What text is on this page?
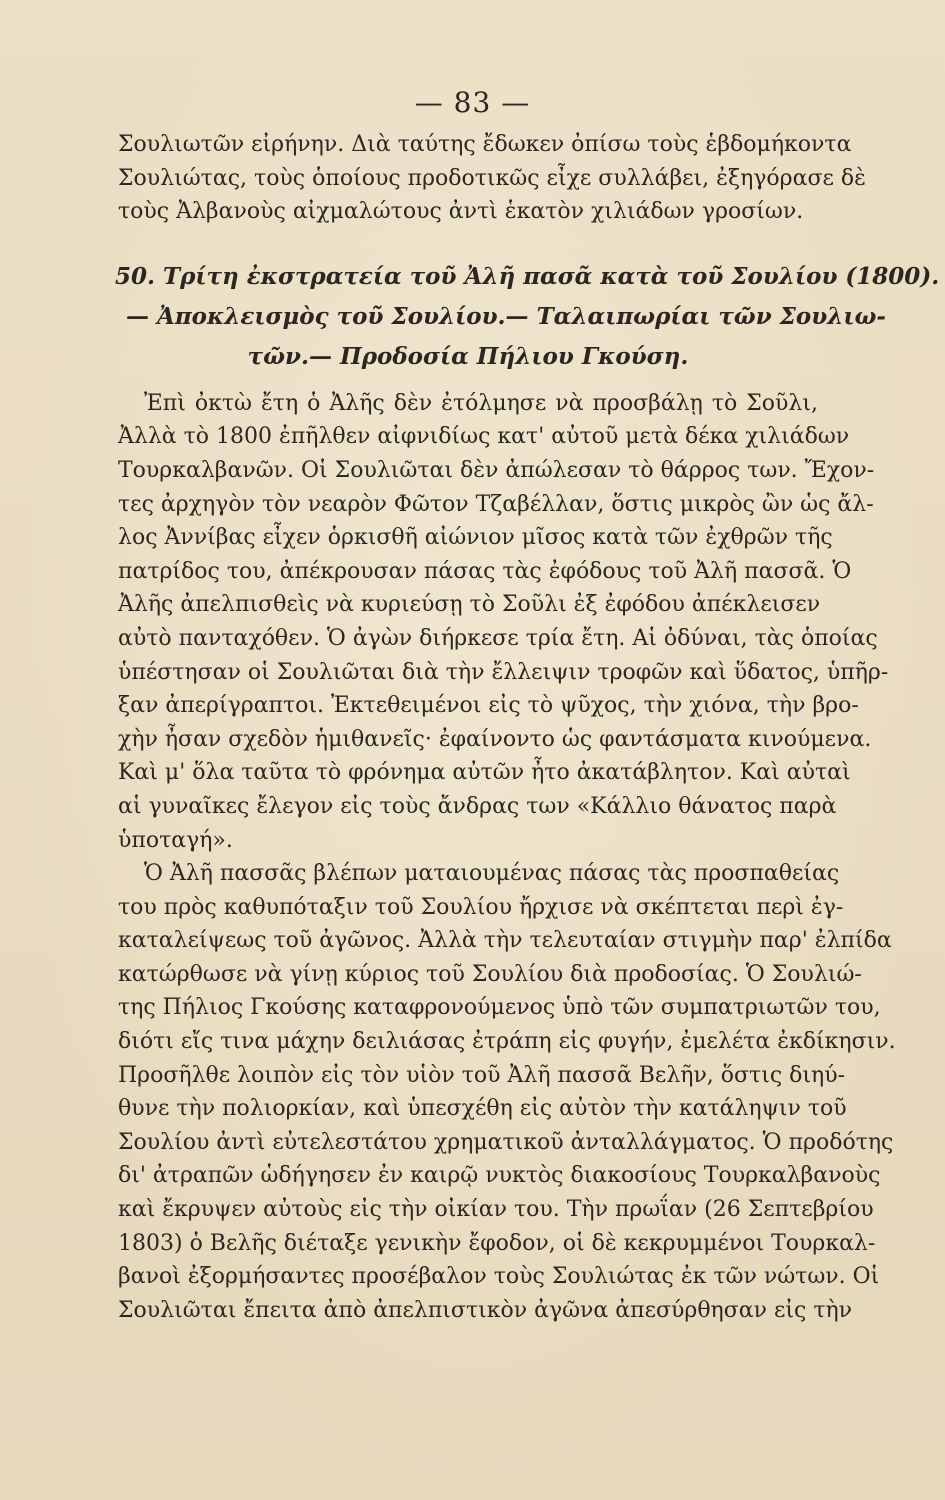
— 83 —
Σουλιωτῶν εἰρήνην. Διὰ ταύτης ἔδωκεν ὀπίσω τοὺς ἑβδομήκοντα
Σουλιώτας, τοὺς ὁποίους προδοτικῶς εἶχε συλλάβει, ἐξηγόρασε δὲ
τοὺς Ἀλβανοὺς αἰχμαλώτους ἀντὶ ἑκατὸν χιλιάδων γροσίων.
50. Τρίτη ἐκστρατεία τοῦ Ἀλῆ πασᾶ κατὰ τοῦ Σουλίου (1800).
— Ἀποκλεισμὸς τοῦ Σουλίου.— Ταλαιπωρίαι τῶν Σουλιω-
τῶν.— Προδοσία Πήλιου Γκούση.
Ἐπὶ ὀκτὼ ἔτη ὁ Ἀλῆς δὲν ἐτόλμησε νὰ προσβάλῃ τὸ Σοῦλι,
Ἀλλὰ τὸ 1800 ἐπῆλθεν αἰφνιδίως κατ' αὐτοῦ μετὰ δέκα χιλιάδων
Τουρκαλβανῶν. Οἱ Σουλιῶται δὲν ἀπώλεσαν τὸ θάρρος των. Ἔχον-
τες ἀρχηγὸν τὸν νεαρὸν Φῶτον Τζαβέλλαν, ὅστις μικρὸς ὢν ὡς ἄλ-
λος Ἀννίβας εἶχεν ὁρκισθῆ αἰώνιον μῖσος κατὰ τῶν ἐχθρῶν τῆς
πατρίδος του, ἀπέκρουσαν πάσας τὰς ἐφόδους τοῦ Ἀλῆ πασσᾶ. Ὁ
Ἀλῆς ἀπελπισθεὶς νὰ κυριεύσῃ τὸ Σοῦλι ἐξ ἐφόδου ἀπέκλεισεν
αὐτὸ πανταχόθεν. Ὁ ἀγὼν διήρκεσε τρία ἔτη. Αἱ ὀδύναι, τὰς ὁποίας
ὑπέστησαν οἱ Σουλιῶται διὰ τὴν ἔλλειψιν τροφῶν καὶ ὕδατος, ὑπῆρ-
ξαν ἀπερίγραπτοι. Ἐκτεθειμένοι εἰς τὸ ψῦχος, τὴν χιόνα, τὴν βρο-
χὴν ἦσαν σχεδὸν ἡμιθανεῖς· ἐφαίνοντο ὡς φαντάσματα κινούμενα.
Καὶ μ' ὅλα ταῦτα τὸ φρόνημα αὐτῶν ἦτο ἀκατάβλητον. Καὶ αὐταὶ
αἱ γυναῖκες ἔλεγον εἰς τοὺς ἄνδρας των «Κάλλιο θάνατος παρὰ
ὑποταγή».
Ὁ Ἀλῆ πασσᾶς βλέπων ματαιουμένας πάσας τὰς προσπαθείας
του πρὸς καθυπόταξιν τοῦ Σουλίου ἤρχισε νὰ σκέπτεται περὶ ἐγ-
καταλείψεως τοῦ ἀγῶνος. Ἀλλὰ τὴν τελευταίαν στιγμὴν παρ' ἐλπίδα
κατώρθωσε νὰ γίνῃ κύριος τοῦ Σουλίου διὰ προδοσίας. Ὁ Σουλιώ-
της Πήλιος Γκούσης καταφρονούμενος ὑπὸ τῶν συμπατριωτῶν του,
διότι εἴς τινα μάχην δειλιάσας ἐτράπη εἰς φυγήν, ἐμελέτα ἐκδίκησιν.
Προσῆλθε λοιπὸν εἰς τὸν υἱὸν τοῦ Ἀλῆ πασσᾶ Βελῆν, ὅστις διηύ-
θυνε τὴν πολιορκίαν, καὶ ὑπεσχέθη εἰς αὐτὸν τὴν κατάληψιν τοῦ
Σουλίου ἀντὶ εὐτελεστάτου χρηματικοῦ ἀνταλλάγματος. Ὁ προδότης
δι' ἀτραπῶν ὡδήγησεν ἐν καιρῷ νυκτὸς διακοσίους Τουρκαλβανοὺς
καὶ ἔκρυψεν αὐτοὺς εἰς τὴν οἰκίαν του. Τὴν πρωΐαν (26 Σεπτεβρίου
1803) ὁ Βελῆς διέταξε γενικὴν ἔφοδον, οἱ δὲ κεκρυμμένοι Τουρκαλ-
βανοὶ ἐξορμήσαντες προσέβαλον τοὺς Σουλιώτας ἐκ τῶν νώτων. Οἱ
Σουλιῶται ἔπειτα ἀπὸ ἀπελπιστικὸν ἀγῶνα ἀπεσύρθησαν εἰς τὴν
